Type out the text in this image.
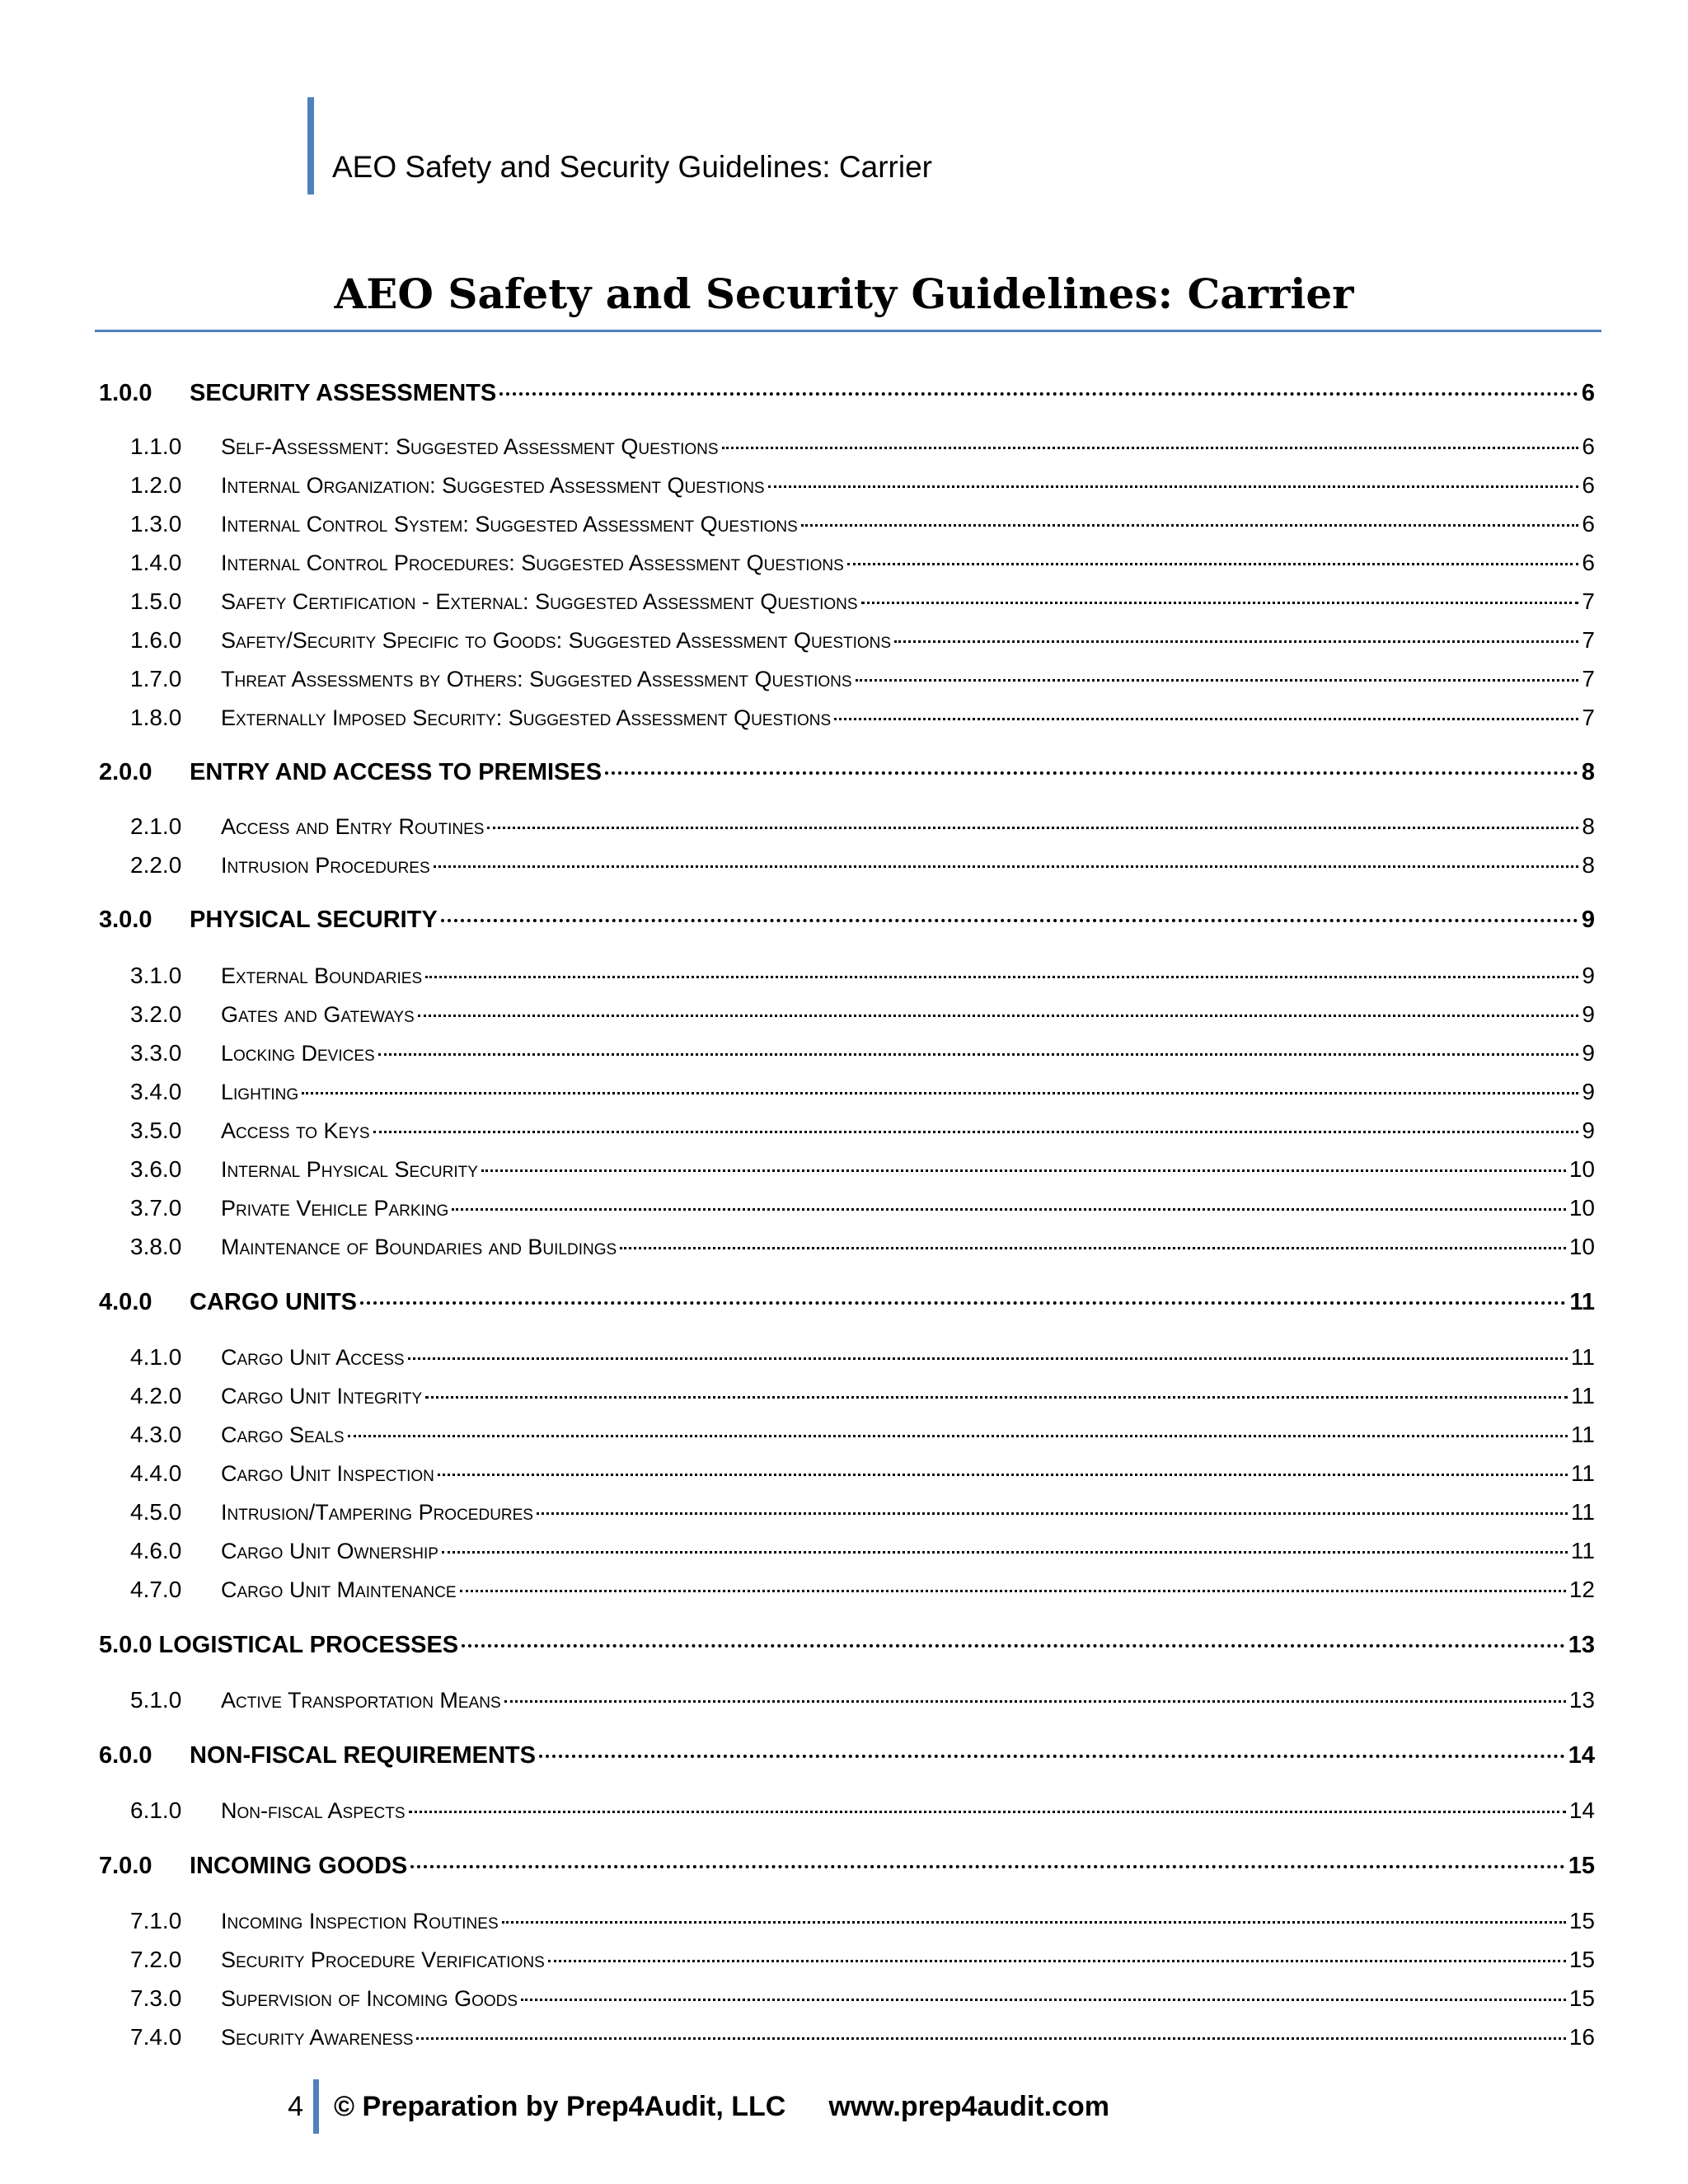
AEO Safety and Security Guidelines: Carrier
AEO Safety and Security Guidelines: Carrier
1.0.0	SECURITY ASSESSMENTS	6
1.1.0	Self-Assessment: Suggested Assessment Questions	6
1.2.0	Internal Organization: Suggested Assessment Questions	6
1.3.0	Internal Control System: Suggested Assessment Questions	6
1.4.0	Internal Control Procedures: Suggested Assessment Questions	6
1.5.0	Safety Certification - External: Suggested Assessment Questions	7
1.6.0	Safety/Security Specific to Goods: Suggested Assessment Questions	7
1.7.0	Threat Assessments by Others: Suggested Assessment Questions	7
1.8.0	Externally Imposed Security: Suggested Assessment Questions	7
2.0.0	ENTRY AND ACCESS TO PREMISES	8
2.1.0	Access and Entry Routines	8
2.2.0	Intrusion Procedures	8
3.0.0	PHYSICAL SECURITY	9
3.1.0	External Boundaries	9
3.2.0	Gates and Gateways	9
3.3.0	Locking Devices	9
3.4.0	Lighting	9
3.5.0	Access to Keys	9
3.6.0	Internal Physical Security	10
3.7.0	Private Vehicle Parking	10
3.8.0	Maintenance of Boundaries and Buildings	10
4.0.0	CARGO UNITS	11
4.1.0	Cargo Unit Access	11
4.2.0	Cargo Unit Integrity	11
4.3.0	Cargo Seals	11
4.4.0	Cargo Unit Inspection	11
4.5.0	Intrusion/Tampering Procedures	11
4.6.0	Cargo Unit Ownership	11
4.7.0	Cargo Unit Maintenance	12
5.0.0 LOGISTICAL PROCESSES	13
5.1.0	Active Transportation Means	13
6.0.0	NON-FISCAL REQUIREMENTS	14
6.1.0	Non-fiscal Aspects	14
7.0.0	INCOMING GOODS	15
7.1.0	Incoming Inspection Routines	15
7.2.0	Security Procedure Verifications	15
7.3.0	Supervision of Incoming Goods	15
7.4.0	Security Awareness	16
4	© Preparation by Prep4Audit, LLC www.prep4audit.com
